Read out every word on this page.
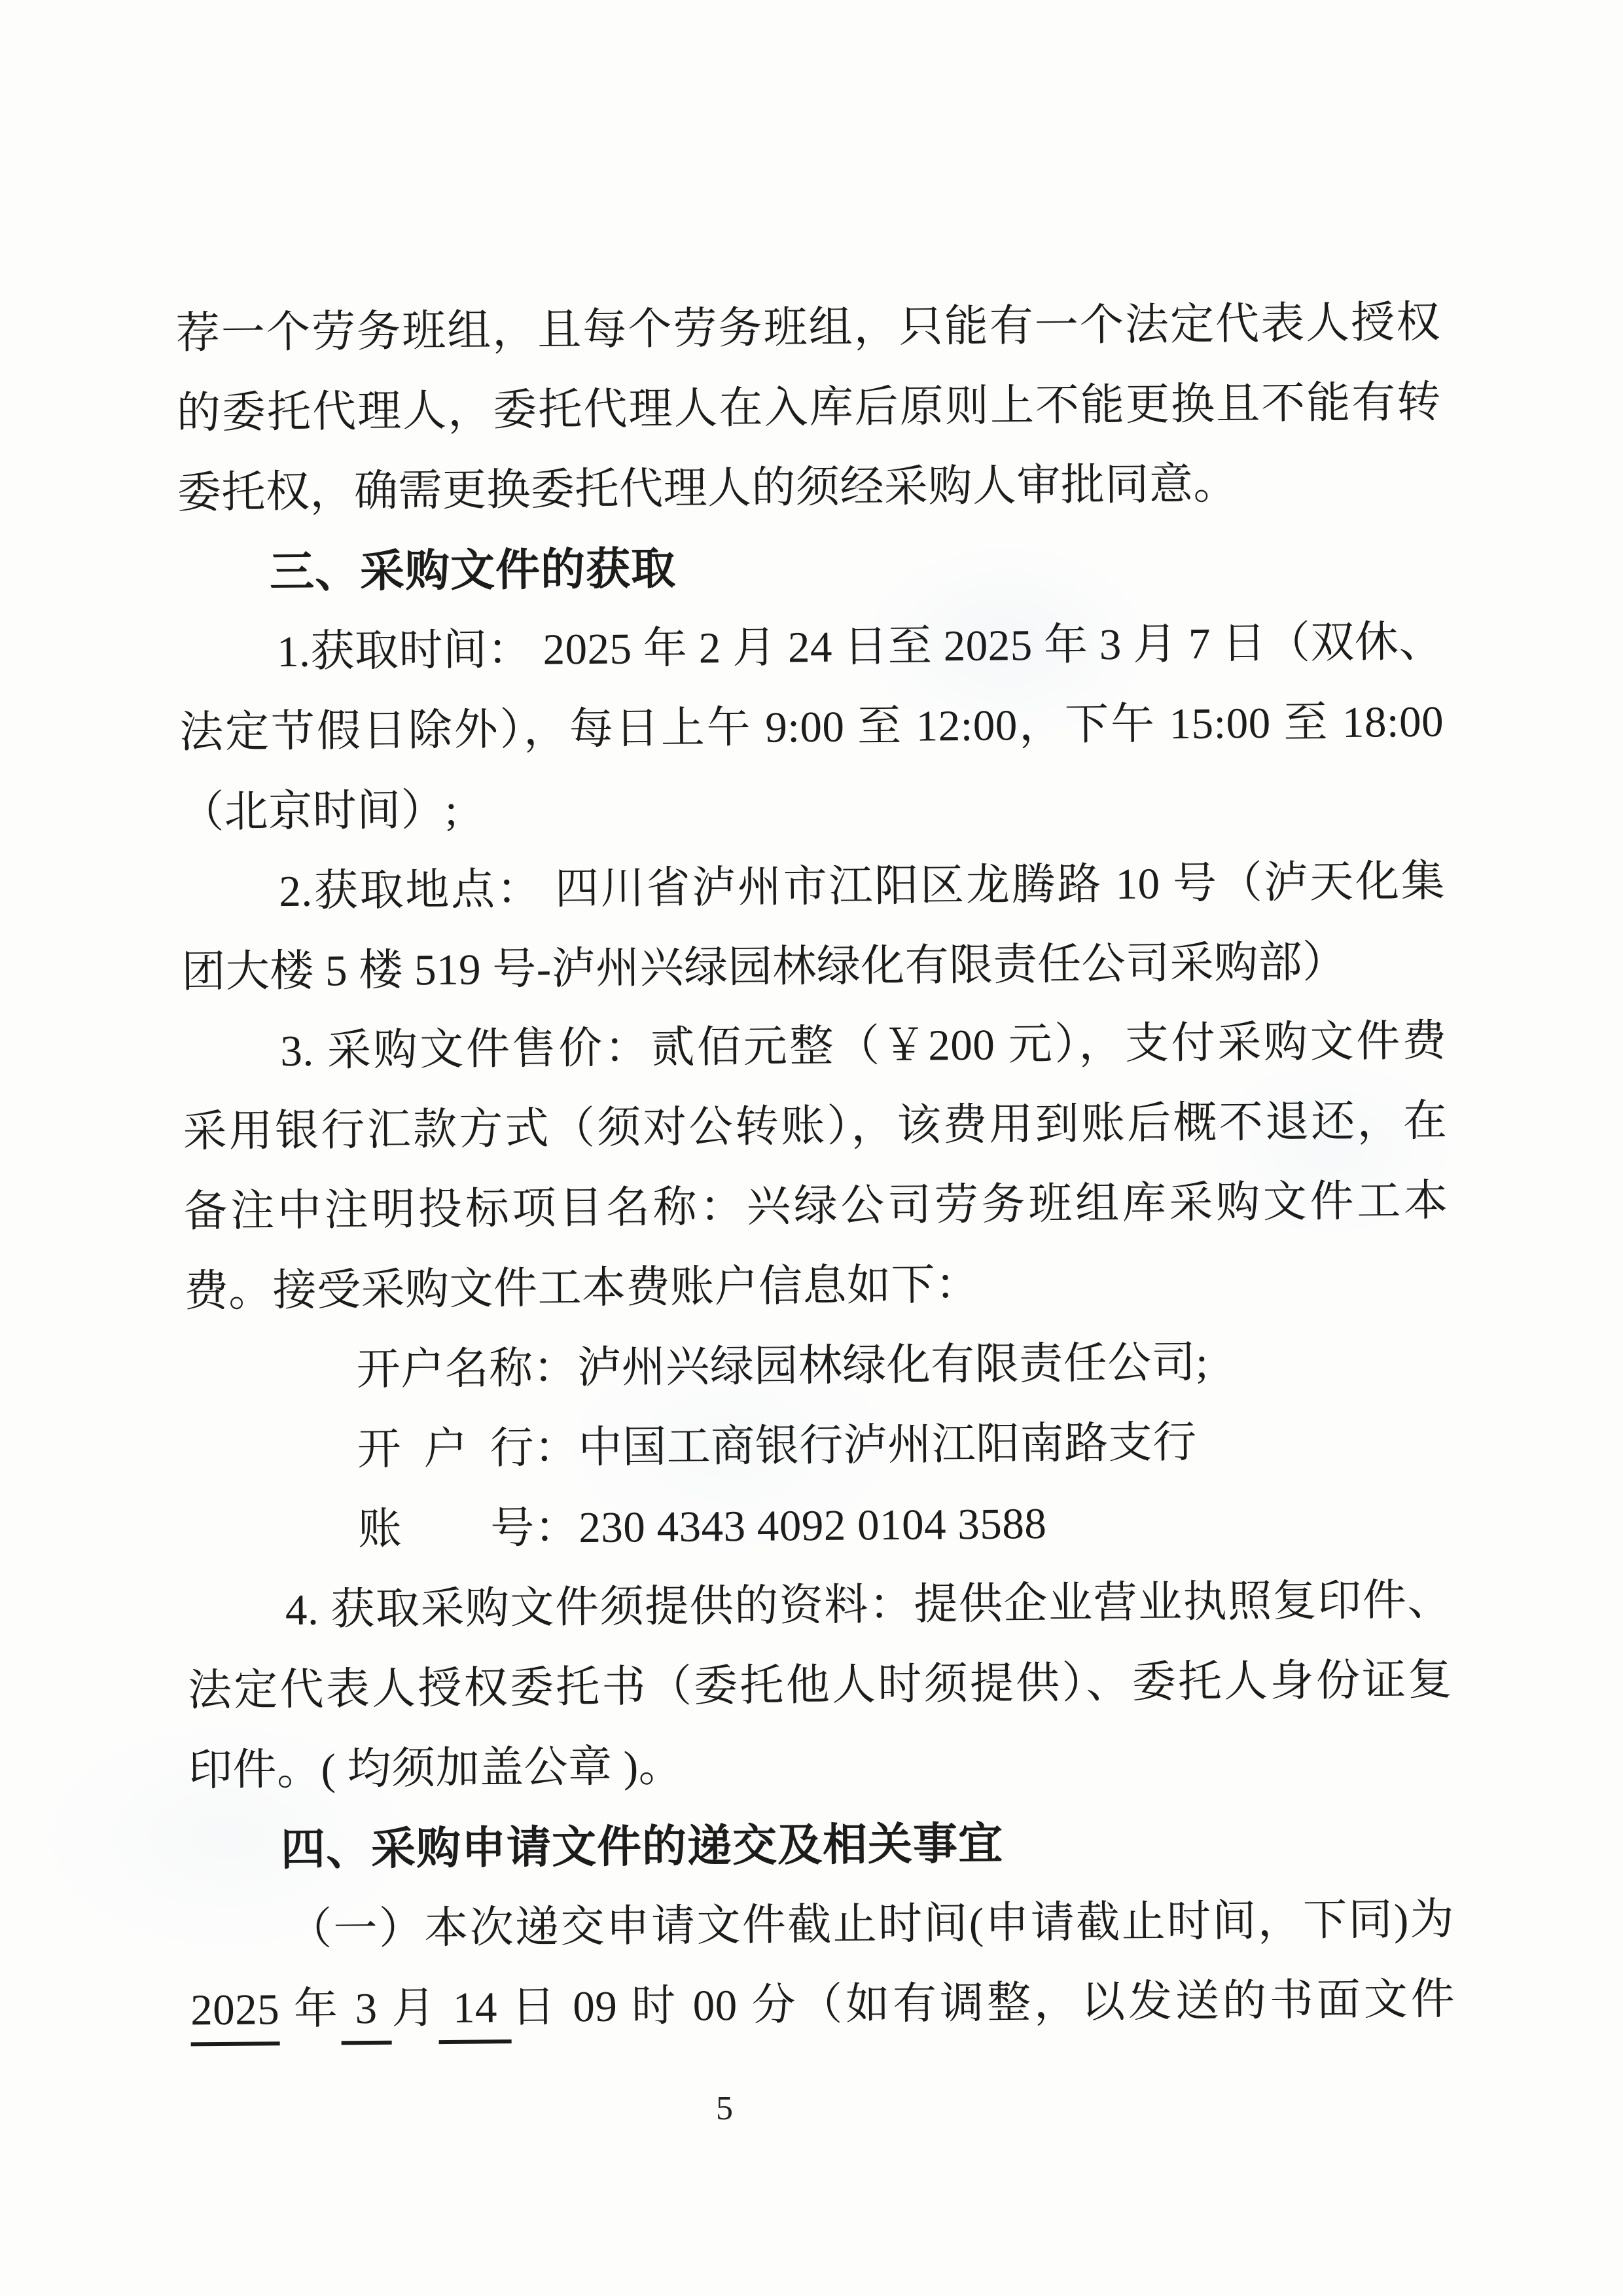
荐一个劳务班组，且每个劳务班组，只能有一个法定代表人授权
的委托代理人，委托代理人在入库后原则上不能更换且不能有转
委托权，确需更换委托代理人的须经采购人审批同意。
三、采购文件的获取
1.获取时间： 2025 年 2 月 24 日至 2025 年 3 月 7 日（双休、
法定节假日除外），每日上午 9:00 至 12:00，下午 15:00 至 18:00
（北京时间）;
2.获取地点： 四川省泸州市江阳区龙腾路 10 号（泸天化集
团大楼 5 楼 519 号-泸州兴绿园林绿化有限责任公司采购部）
3. 采购文件售价：贰佰元整（￥200 元），支付采购文件费
采用银行汇款方式（须对公转账），该费用到账后概不退还，在
备注中注明投标项目名称：兴绿公司劳务班组库采购文件工本
费。接受采购文件工本费账户信息如下：
开户名称：泸州兴绿园林绿化有限责任公司;
开 户 行：中国工商银行泸州江阳南路支行
账　　号：230 4343 4092 0104 3588
4. 获取采购文件须提供的资料：提供企业营业执照复印件、
法定代表人授权委托书（委托他人时须提供）、委托人身份证复
印件。( 均须加盖公章 )。
四、采购申请文件的递交及相关事宜
（一）本次递交申请文件截止时间(申请截止时间，下同)为
2025 年 3 月 14 日 09 时 00 分（如有调整，以发送的书面文件
5
